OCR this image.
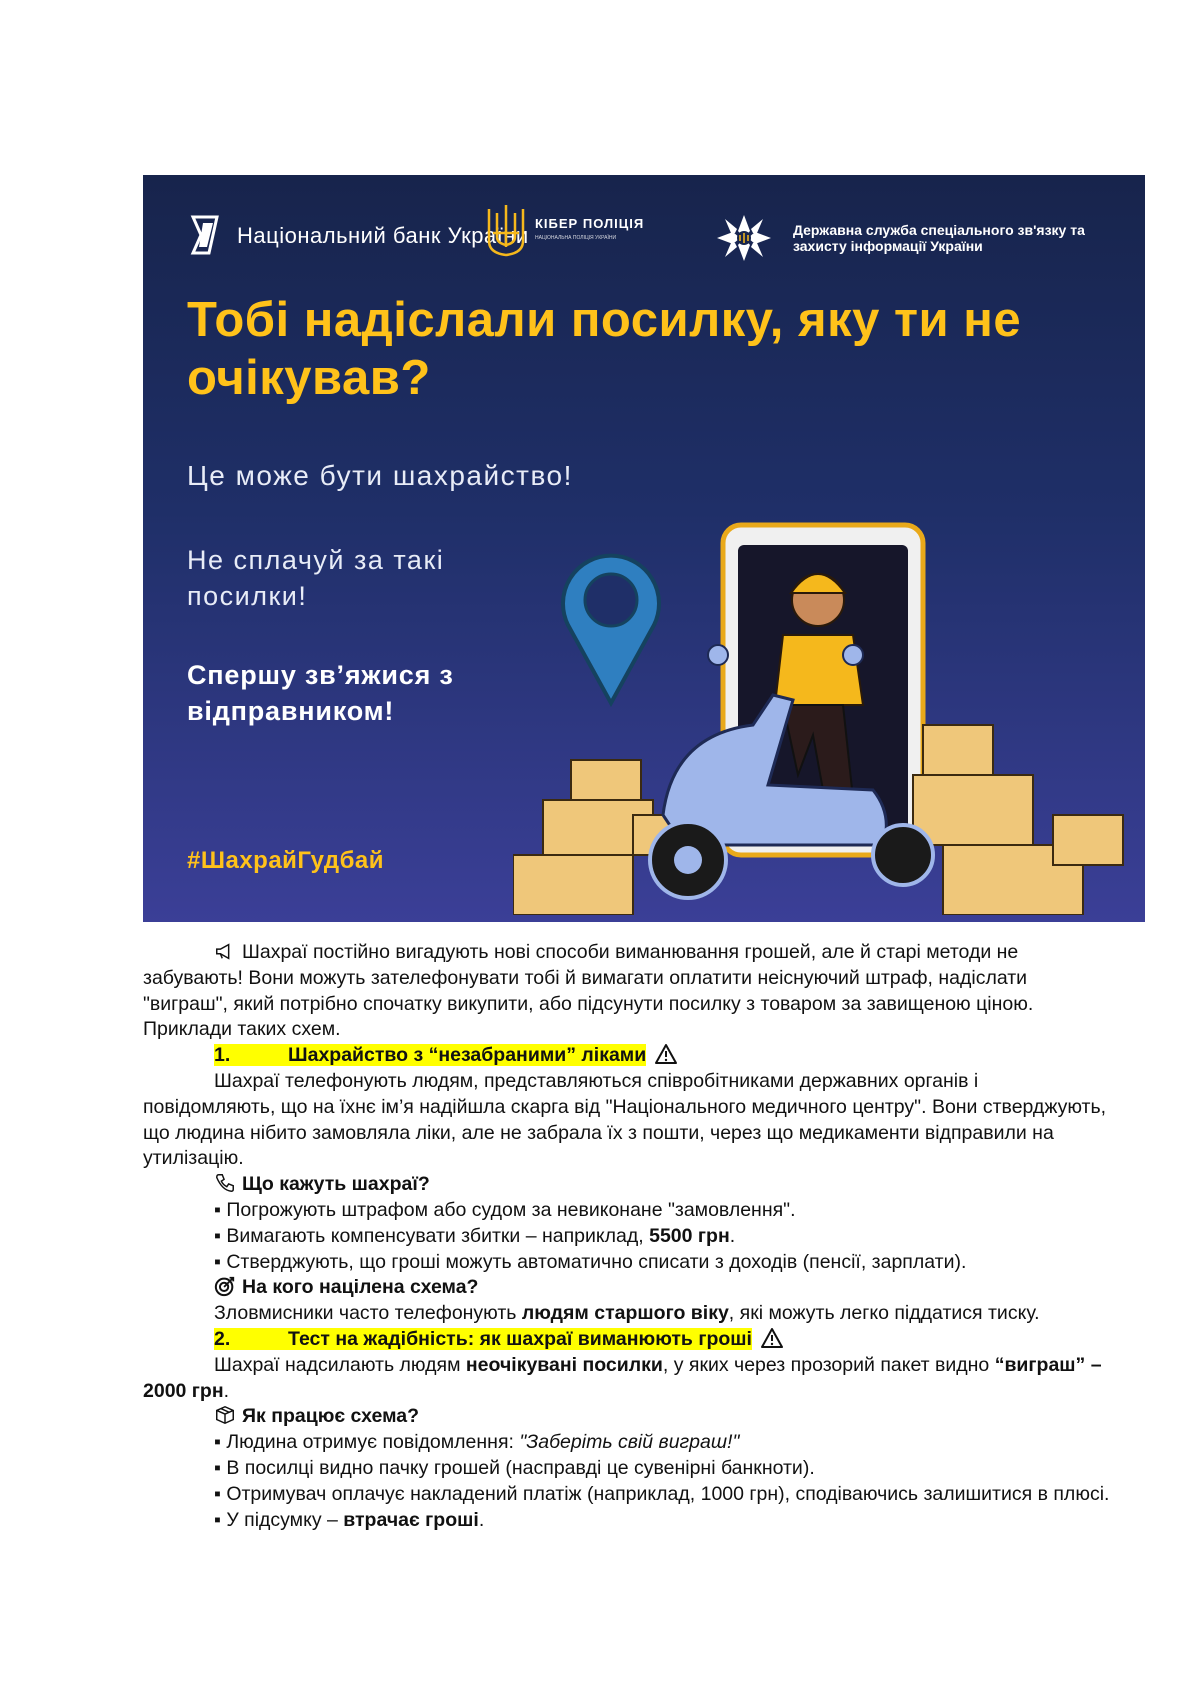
Національний банк України КІБЕР ПОЛІЦІЯ
НАЦІОНАЛЬНА ПОЛІЦІЯ УКРАЇНИ	Державна служба спеціального зв'язку та захисту інформації України
Тобі надіслали посилку, яку ти не очікував?
Це може бути шахрайство!
Не сплачуй за такі посилки!
Спершу зв’яжися з відправником!
#ШахрайГудбай

Шахраї постійно вигадують нові способи виманювання грошей, але й старі методи не забувають! Вони можуть зателефонувати тобі й вимагати оплатити неіснуючий штраф, надіслати "виграш", який потрібно спочатку викупити, або підсунути посилку з товаром за завищеною ціною. Приклади таких схем.

1.	Шахрайство з “незабраними” ліками

Шахраї телефонують людям, представляються співробітниками державних органів і повідомляють, що на їхнє ім’я надійшла скарга від "Національного медичного центру". Вони стверджують, що людина нібито замовляла ліки, але не забрала їх з пошти, через що медикаменти відправили на утилізацію.

Що кажуть шахраї?
▪ Погрожують штрафом або судом за невиконане "замовлення".
▪ Вимагають компенсувати збитки – наприклад, 5500 грн.
▪ Стверджують, що гроші можуть автоматично списати з доходів (пенсії, зарплати).
На кого націлена схема?

Зловмисники часто телефонують людям старшого віку, які можуть легко піддатися тиску.

2.	Тест на жадібність: як шахраї виманюють гроші

Шахраї надсилають людям неочікувані посилки, у яких через прозорий пакет видно “виграш” – 2000 грн.

Як працює схема?
▪ Людина отримує повідомлення: "Заберіть свій виграш!"
▪ В посилці видно пачку грошей (насправді це сувенірні банкноти).

▪ Отримувач оплачує накладений платіж (наприклад, 1000 грн), сподіваючись залишитися в плюсі.

▪ У підсумку – втрачає гроші.
